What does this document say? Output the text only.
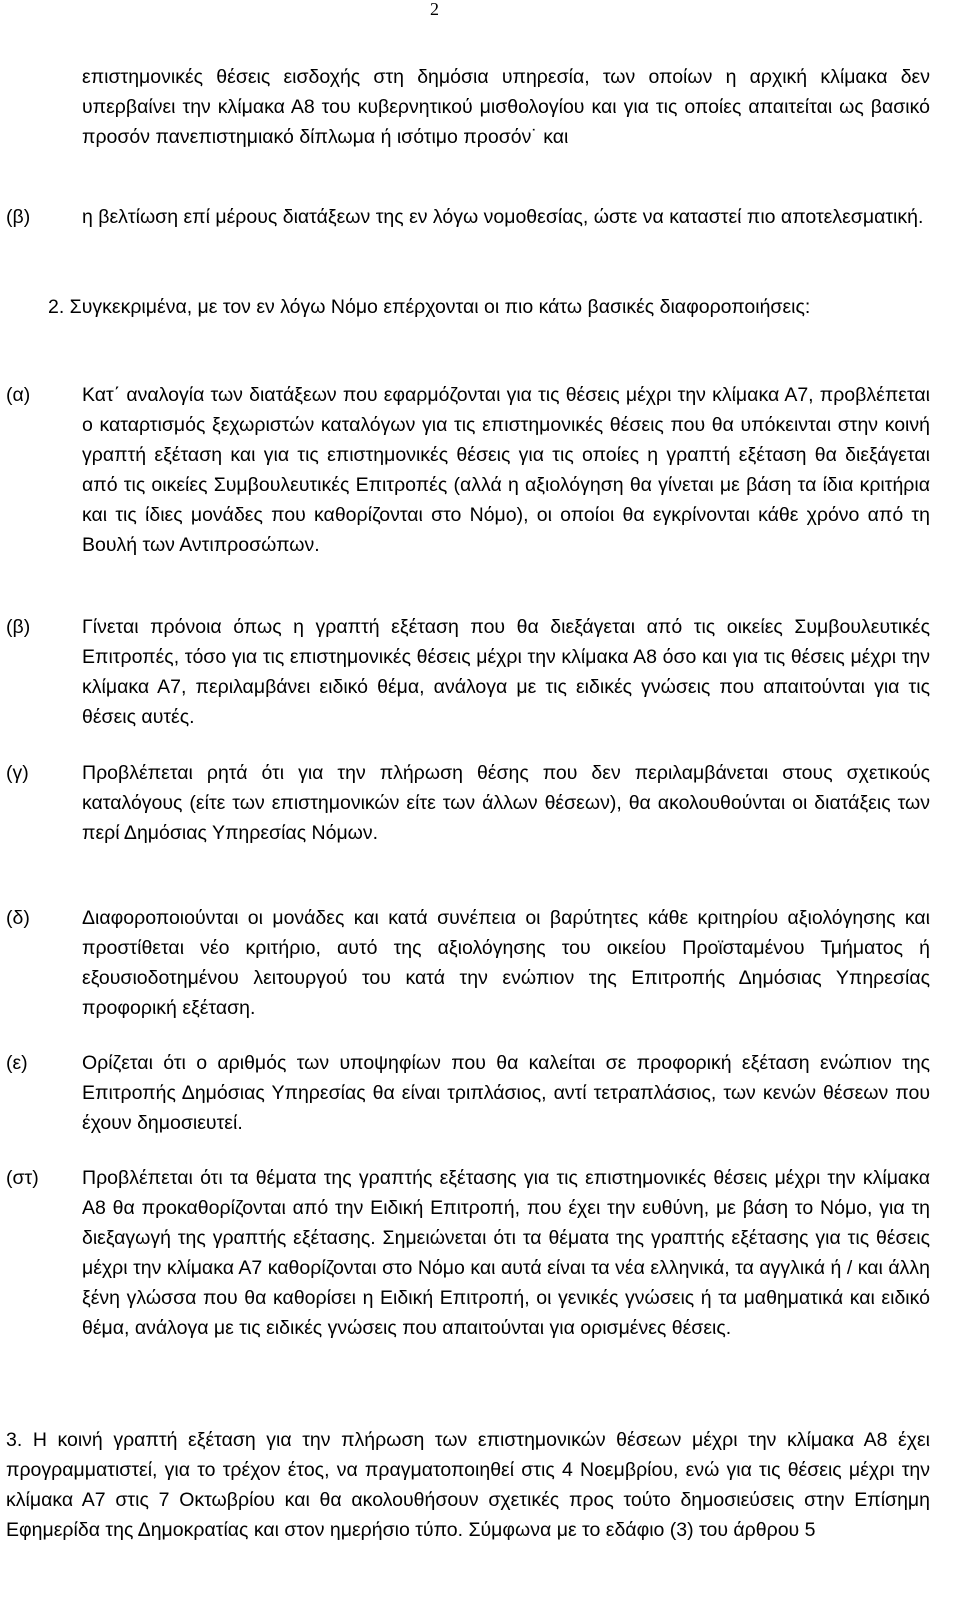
2
επιστημονικές θέσεις εισδοχής στη δημόσια υπηρεσία, των οποίων η αρχική κλίμακα δεν υπερβαίνει την κλίμακα Α8 του κυβερνητικού μισθολογίου και για τις οποίες απαιτείται ως βασικό προσόν πανεπιστημιακό δίπλωμα ή ισότιμο προσόν˙ και
(β)	η βελτίωση επί μέρους διατάξεων της εν λόγω νομοθεσίας, ώστε να καταστεί πιο αποτελεσματική.
2. Συγκεκριμένα, με τον εν λόγω Νόμο επέρχονται οι πιο κάτω βασικές διαφοροποιήσεις:
(α)	Κατ΄ αναλογία των διατάξεων που εφαρμόζονται για τις θέσεις μέχρι την κλίμακα Α7, προβλέπεται ο καταρτισμός ξεχωριστών καταλόγων για τις επιστημονικές θέσεις που θα υπόκεινται στην κοινή γραπτή εξέταση και για τις επιστημονικές θέσεις για τις οποίες η γραπτή εξέταση θα διεξάγεται από τις οικείες Συμβουλευτικές Επιτροπές (αλλά η αξιολόγηση θα γίνεται με βάση τα ίδια κριτήρια και τις ίδιες μονάδες που καθορίζονται στο Νόμο), οι οποίοι θα εγκρίνονται κάθε χρόνο από τη Βουλή των Αντιπροσώπων.
(β)	Γίνεται πρόνοια όπως η γραπτή εξέταση που θα διεξάγεται από τις οικείες Συμβουλευτικές Επιτροπές, τόσο για τις επιστημονικές θέσεις μέχρι την κλίμακα Α8 όσο και για τις θέσεις μέχρι την κλίμακα Α7, περιλαμβάνει ειδικό θέμα, ανάλογα με τις ειδικές γνώσεις που απαιτούνται για τις θέσεις αυτές.
(γ)	Προβλέπεται ρητά ότι για την πλήρωση θέσης που δεν περιλαμβάνεται στους σχετικούς καταλόγους (είτε των επιστημονικών είτε των άλλων θέσεων), θα ακολουθούνται οι διατάξεις των περί Δημόσιας Υπηρεσίας Νόμων.
(δ)	Διαφοροποιούνται οι μονάδες και κατά συνέπεια οι βαρύτητες κάθε κριτηρίου αξιολόγησης και προστίθεται νέο κριτήριο, αυτό της αξιολόγησης του οικείου Προϊσταμένου Τμήματος ή εξουσιοδοτημένου λειτουργού του κατά την ενώπιον της Επιτροπής Δημόσιας Υπηρεσίας προφορική εξέταση.
(ε)	Ορίζεται ότι ο αριθμός των υποψηφίων που θα καλείται σε προφορική εξέταση ενώπιον της Επιτροπής Δημόσιας Υπηρεσίας θα είναι τριπλάσιος, αντί τετραπλάσιος, των κενών θέσεων που έχουν δημοσιευτεί.
(στ) Προβλέπεται ότι τα θέματα της γραπτής εξέτασης για τις επιστημονικές θέσεις μέχρι την κλίμακα Α8 θα προκαθορίζονται από την Ειδική Επιτροπή, που έχει την ευθύνη, με βάση το Νόμο, για τη διεξαγωγή της γραπτής εξέτασης. Σημειώνεται ότι τα θέματα της γραπτής εξέτασης για τις θέσεις μέχρι την κλίμακα Α7 καθορίζονται στο Νόμο και αυτά είναι τα νέα ελληνικά, τα αγγλικά ή / και άλλη ξένη γλώσσα που θα καθορίσει η Ειδική Επιτροπή, οι γενικές γνώσεις ή τα μαθηματικά και ειδικό θέμα, ανάλογα με τις ειδικές γνώσεις που απαιτούνται για ορισμένες θέσεις.
3. Η κοινή γραπτή εξέταση για την πλήρωση των επιστημονικών θέσεων μέχρι την κλίμακα Α8 έχει προγραμματιστεί, για το τρέχον έτος, να πραγματοποιηθεί στις 4 Νοεμβρίου, ενώ για τις θέσεις μέχρι την κλίμακα Α7 στις 7 Οκτωβρίου και θα ακολουθήσουν σχετικές προς τούτο δημοσιεύσεις στην Επίσημη Εφημερίδα της Δημοκρατίας και στον ημερήσιο τύπο. Σύμφωνα με το εδάφιο (3) του άρθρου 5
